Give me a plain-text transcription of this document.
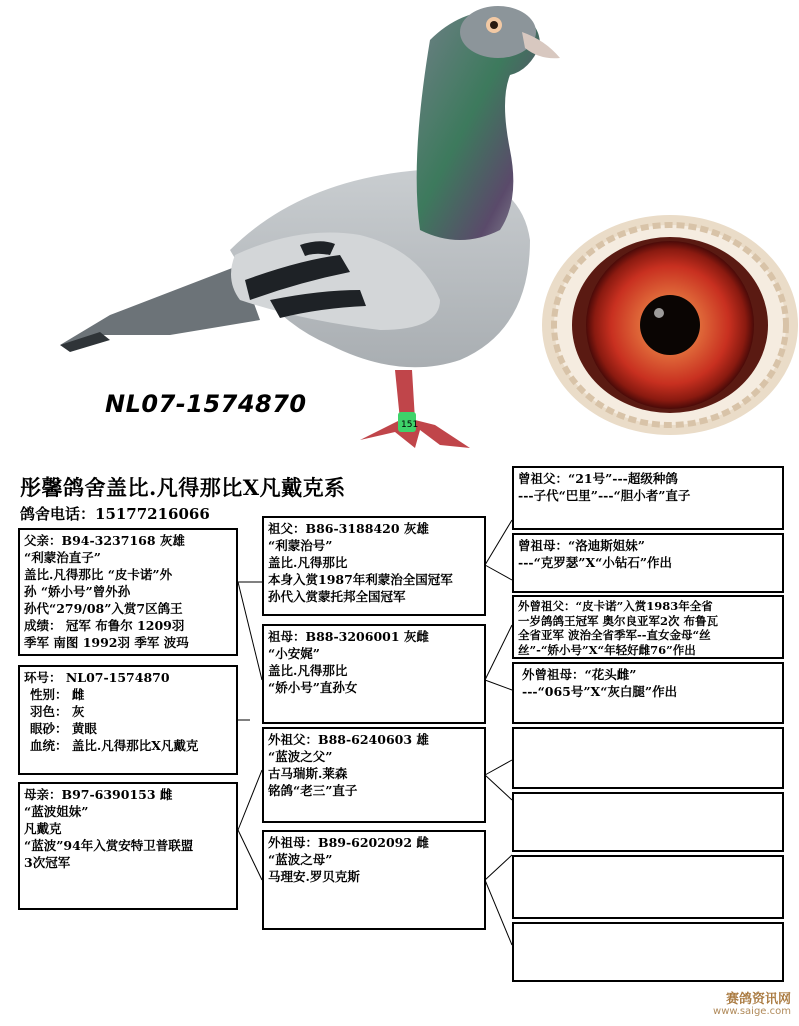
151
NL07-1574870
彤馨鸽舍盖比.凡得那比X凡戴克系
鸽舍电话：15177216066
父亲：B94-3237168 灰雄
“利蒙治直子”
盖比.凡得那比 “皮卡诺”外
孙 “娇小号”曾外孙
孙代“279/08”入赏7区鸽王
成绩： 冠军 布鲁尔 1209羽
季军 南图 1992羽 季军 波玛
环号： NL07-1574870
性别： 雌
羽色： 灰
眼砂： 黄眼
血统： 盖比.凡得那比X凡戴克
母亲：B97-6390153 雌
“蓝波姐妹”
凡戴克
“蓝波”94年入赏安特卫普联盟
3次冠军
祖父：B86-3188420 灰雄
“利蒙治号”
盖比.凡得那比
本身入赏1987年利蒙治全国冠军
孙代入赏蒙托邦全国冠军
祖母：B88-3206001 灰雌
“小安娓”
盖比.凡得那比
“娇小号”直孙女
外祖父：B88-6240603 雄
“蓝波之父”
古马瑞斯.莱森
铭鸽“老三”直子
外祖母：B89-6202092 雌
“蓝波之母”
马理安.罗贝克斯
曾祖父：“21号”---超级种鸽
---子代“巴里”---“胆小者”直子
曾祖母：“洛迪斯姐妹”
---“克罗瑟”X“小钻石”作出
外曾祖父：“皮卡诺”入赏1983年全省
一岁鸽鸽王冠军 奥尔良亚军2次 布鲁瓦
全省亚军 波治全省季军--直女金母“丝
丝”-“娇小号”X“年轻好雌76”作出
外曾祖母：“花头雌”
---“065号”X“灰白腿”作出
赛鸽资讯网
www.saige.com
